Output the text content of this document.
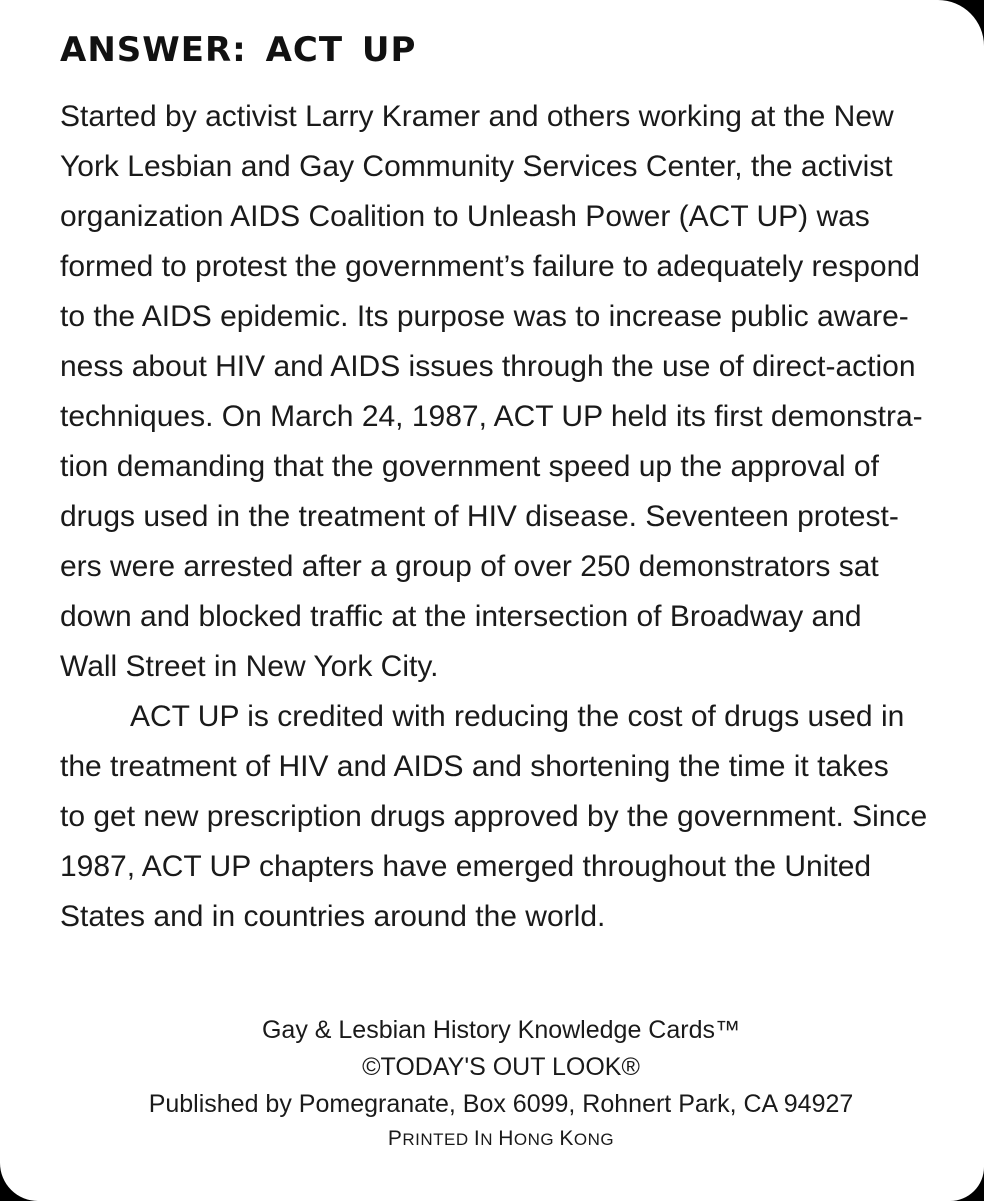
ANSWER: ACT UP
Started by activist Larry Kramer and others working at the New
York Lesbian and Gay Community Services Center, the activist
organization AIDS Coalition to Unleash Power (ACT UP) was
formed to protest the government’s failure to adequately respond
to the AIDS epidemic. Its purpose was to increase public aware-
ness about HIV and AIDS issues through the use of direct-action
techniques. On March 24, 1987, ACT UP held its first demonstra-
tion demanding that the government speed up the approval of
drugs used in the treatment of HIV disease. Seventeen protest-
ers were arrested after a group of over 250 demonstrators sat
down and blocked traffic at the intersection of Broadway and
Wall Street in New York City.
ACT UP is credited with reducing the cost of drugs used in
the treatment of HIV and AIDS and shortening the time it takes
to get new prescription drugs approved by the government. Since
1987, ACT UP chapters have emerged throughout the United
States and in countries around the world.
Gay & Lesbian History Knowledge Cards™
©TODAY'S OUT LOOK®
Published by Pomegranate, Box 6099, Rohnert Park, CA 94927
PRINTED IN HONG KONG
